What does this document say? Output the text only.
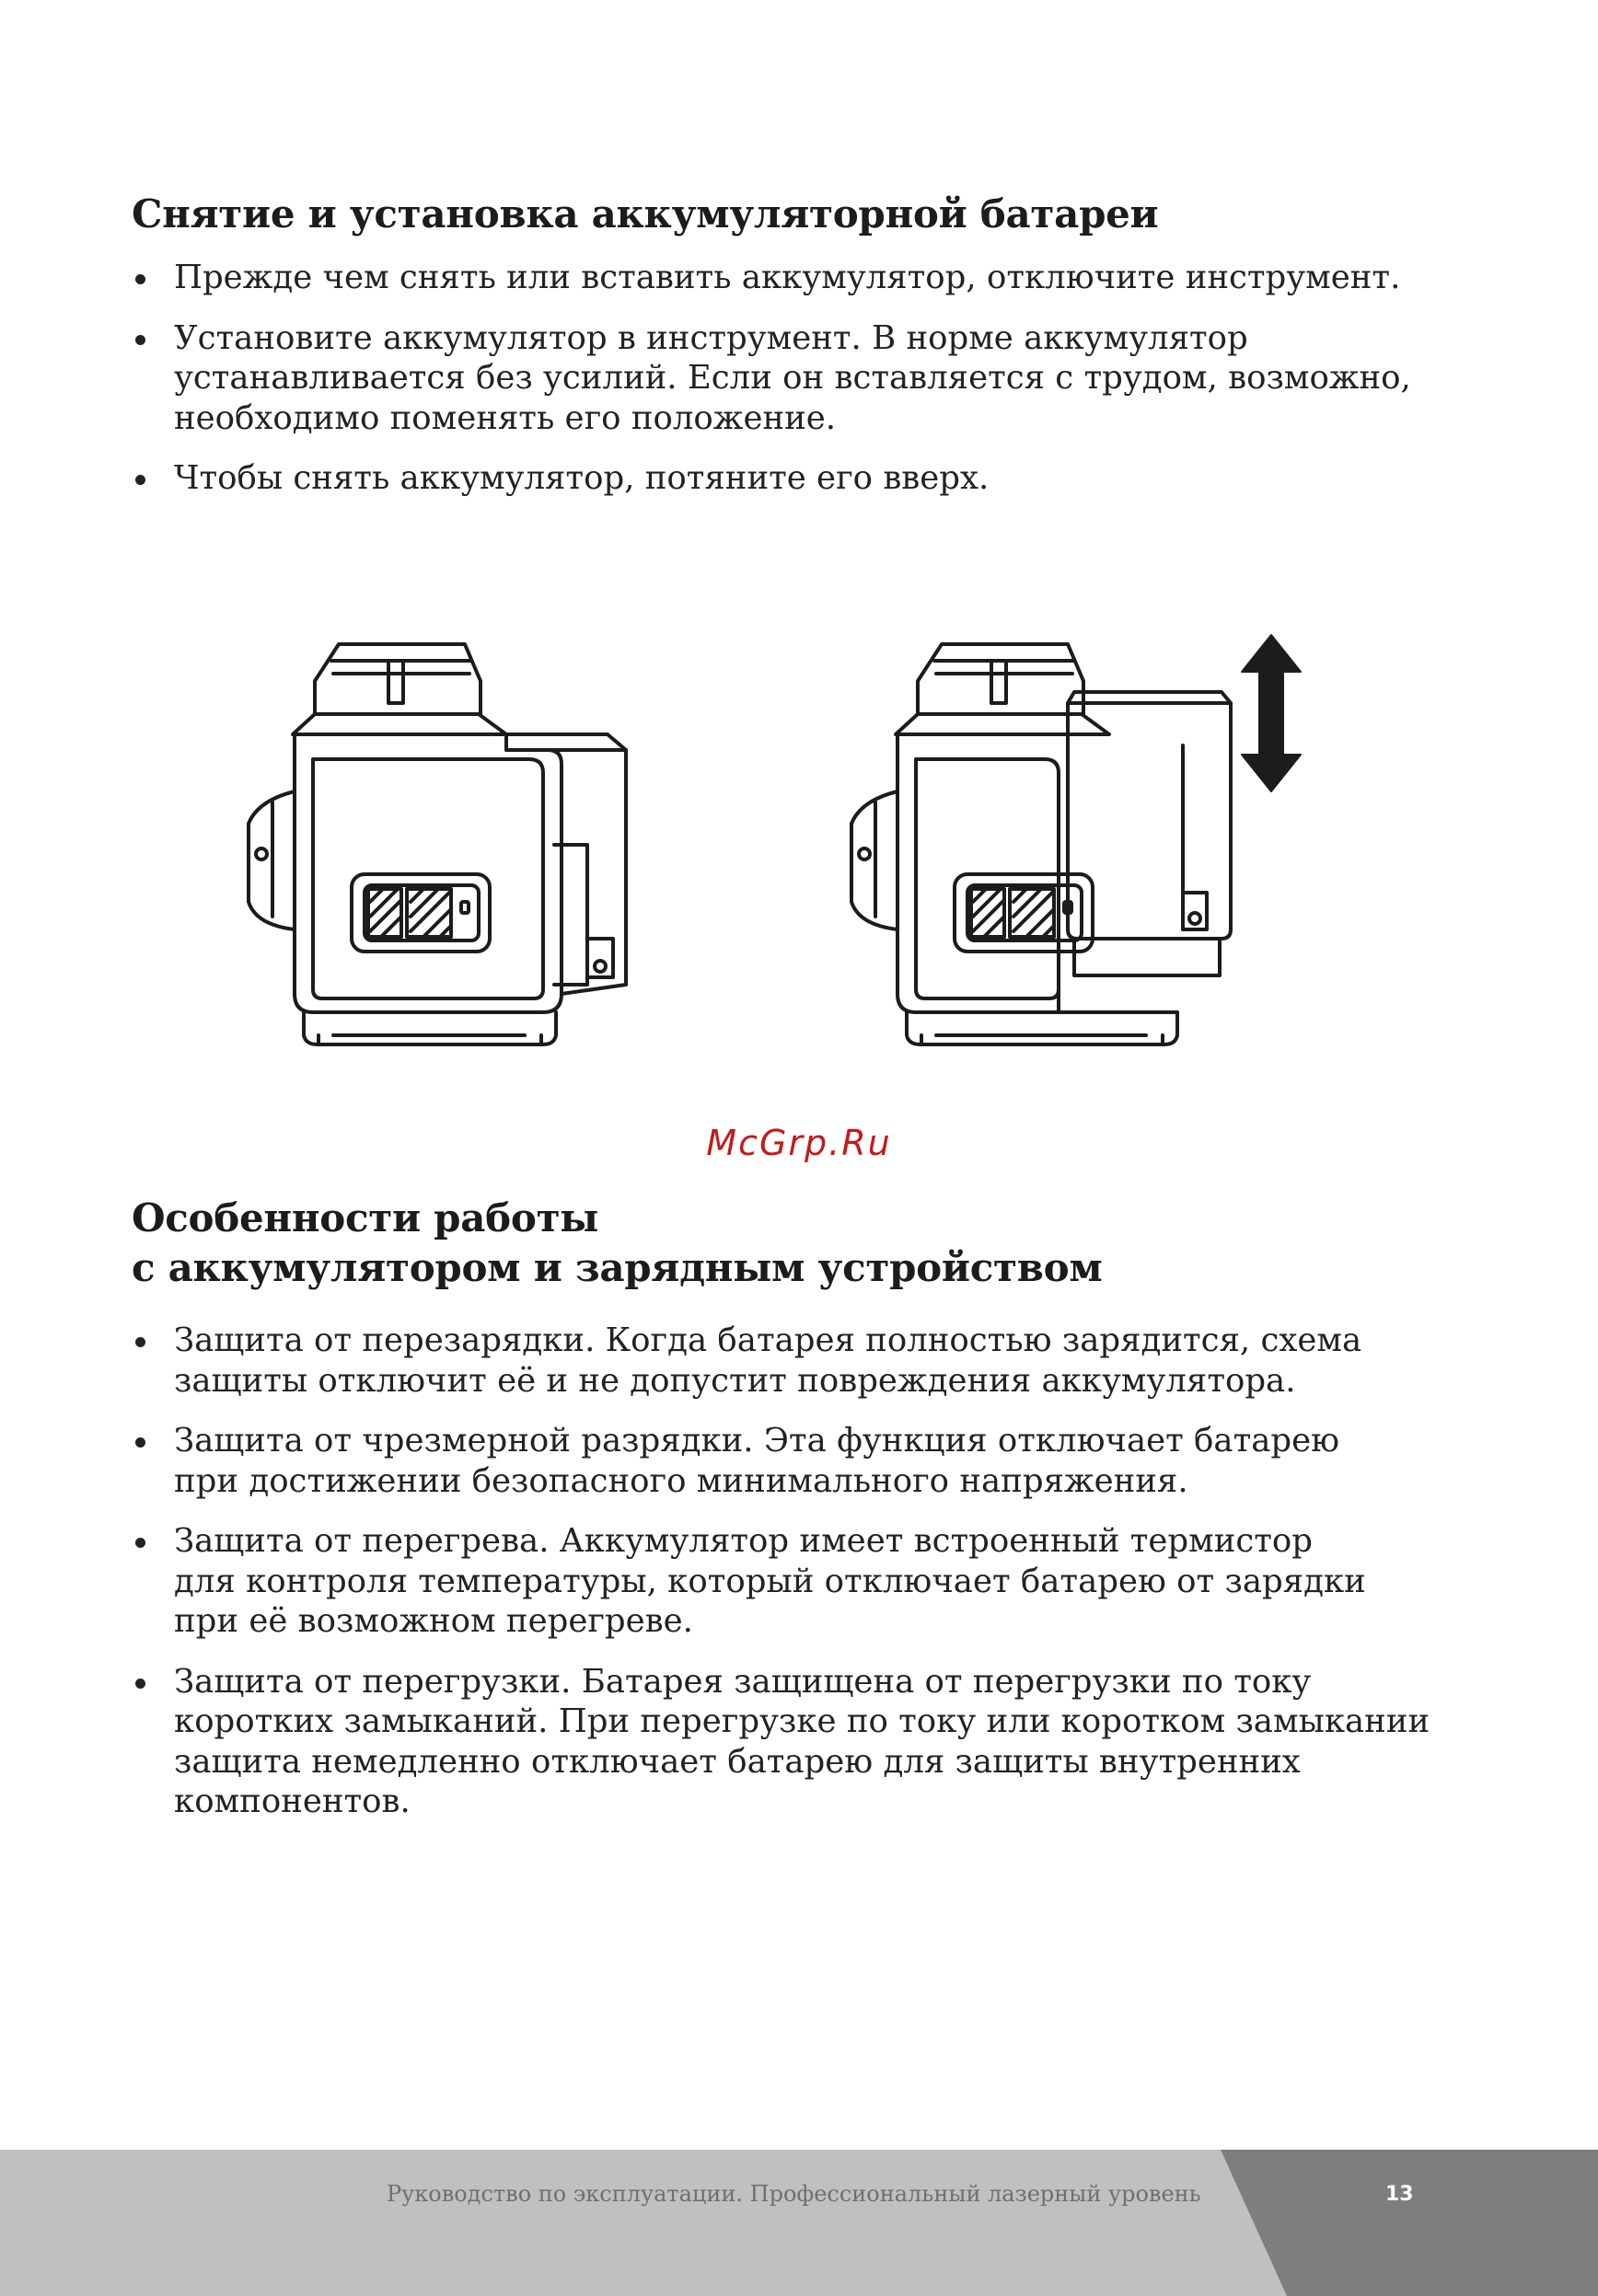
Снятие и установка аккумуляторной батареи
Прежде чем снять или вставить аккумулятор, отключите инструмент.
Установите аккумулятор в инструмент. В норме аккумулятор
устанавливается без усилий. Если он вставляется с трудом, возможно,
необходимо поменять его положение.
Чтобы снять аккумулятор, потяните его вверх.
McGrp.Ru
Особенности работы
с аккумулятором и зарядным устройством
Защита от перезарядки. Когда батарея полностью зарядится, схема
защиты отключит её и не допустит повреждения аккумулятора.
Защита от чрезмерной разрядки. Эта функция отключает батарею
при достижении безопасного минимального напряжения.
Защита от перегрева. Аккумулятор имеет встроенный термистор
для контроля температуры, который отключает батарею от зарядки
при её возможном перегреве.
Защита от перегрузки. Батарея защищена от перегрузки по току
коротких замыканий. При перегрузке по току или коротком замыкании
защита немедленно отключает батарею для защиты внутренних
компонентов.
Руководство по эксплуатации. Профессиональный лазерный уровень	13
